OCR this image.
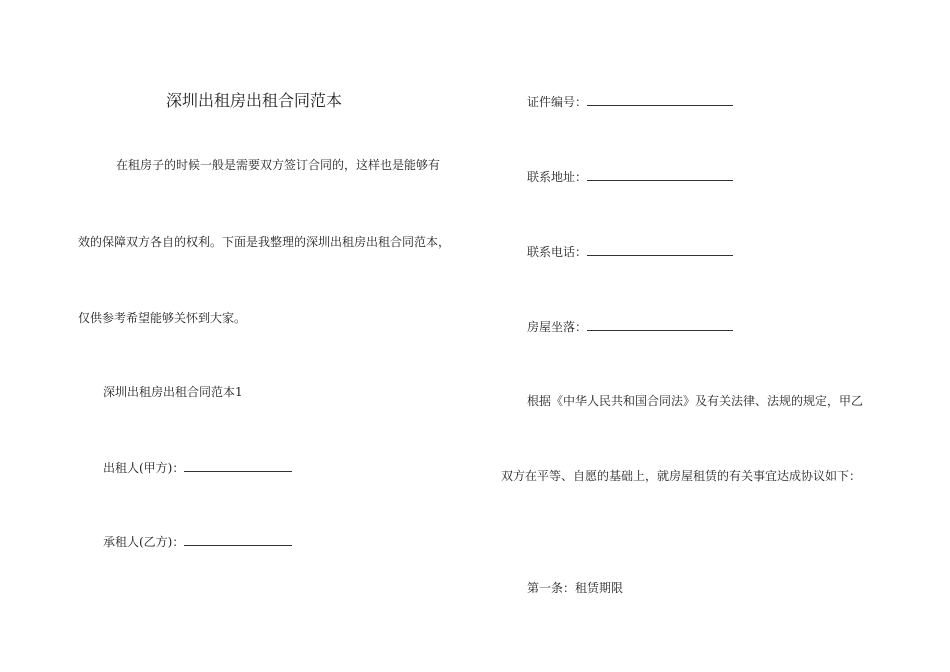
深圳出租房出租合同范本
在租房子的时候一般是需要双方签订合同的，这样也是能够有
效的保障双方各自的权利。下面是我整理的深圳出租房出租合同范本，
仅供参考希望能够关怀到大家。
深圳出租房出租合同范本1
出租人(甲方)：
承租人(乙方)：
证件编号：
联系地址：
联系电话：
房屋坐落：
根据《中华人民共和国合同法》及有关法律、法规的规定，甲乙
双方在平等、自愿的基础上，就房屋租赁的有关事宜达成协议如下：
第一条：租赁期限
